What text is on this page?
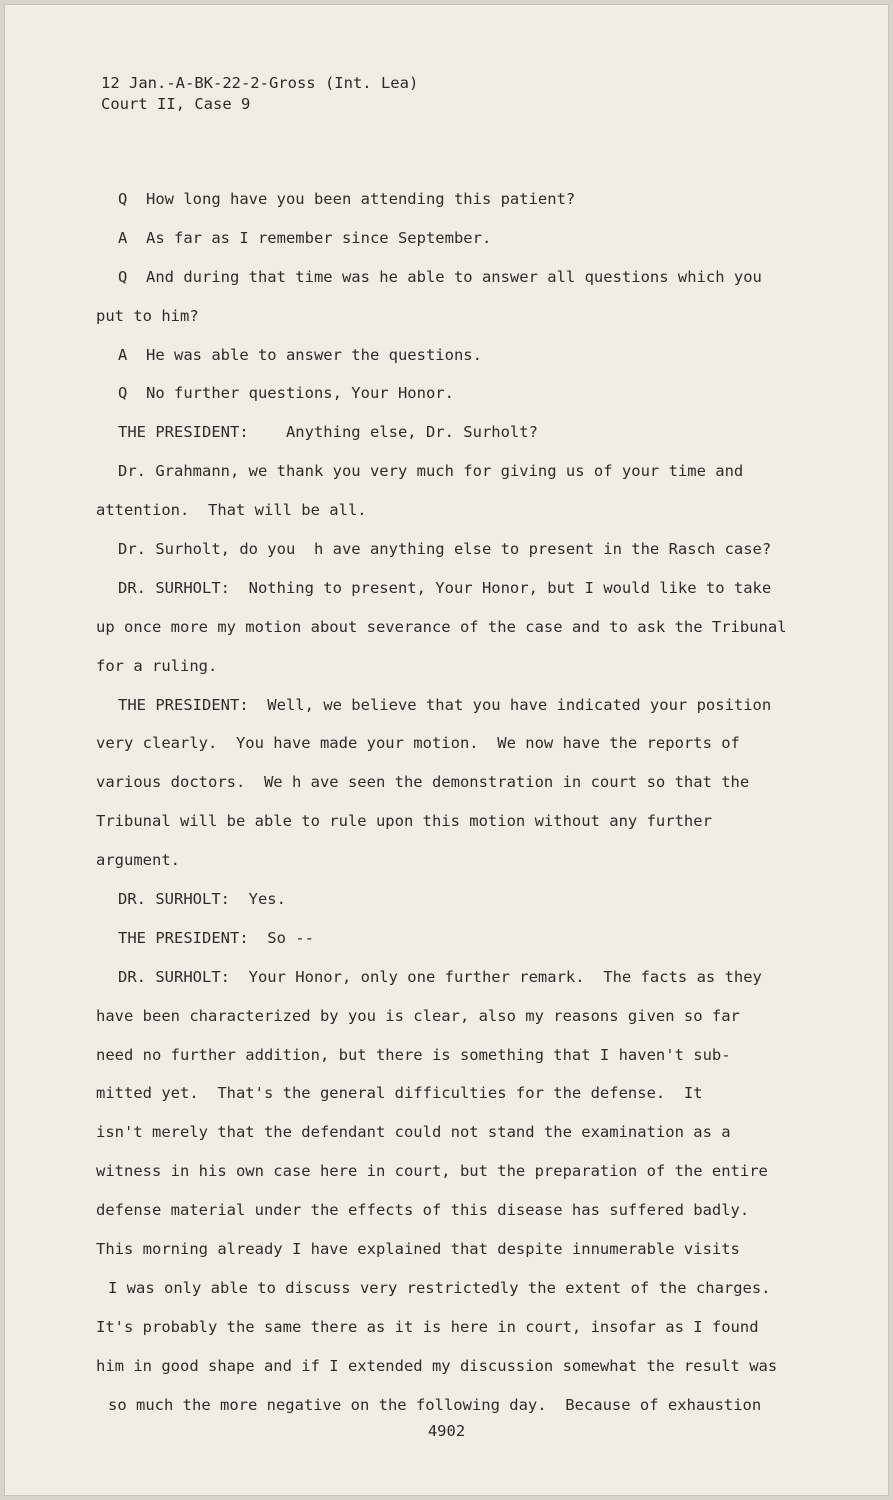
12 Jan.-A-BK-22-2-Gross (Int. Lea)
Court II, Case 9
Q  How long have you been attending this patient?
A  As far as I remember since September.
Q  And during that time was he able to answer all questions which you
put to him?
A  He was able to answer the questions.
Q  No further questions, Your Honor.
THE PRESIDENT:    Anything else, Dr. Surholt?
Dr. Grahmann, we thank you very much for giving us of your time and
attention.  That will be all.
Dr. Surholt, do you  h ave anything else to present in the Rasch case?
DR. SURHOLT:  Nothing to present, Your Honor, but I would like to take
up once more my motion about severance of the case and to ask the Tribunal
for a ruling.
THE PRESIDENT:  Well, we believe that you have indicated your position
very clearly.  You have made your motion.  We now have the reports of
various doctors.  We h ave seen the demonstration in court so that the
Tribunal will be able to rule upon this motion without any further
argument.
DR. SURHOLT:  Yes.
THE PRESIDENT:  So --
DR. SURHOLT:  Your Honor, only one further remark.  The facts as they
have been characterized by you is clear, also my reasons given so far
need no further addition, but there is something that I haven't sub-
mitted yet.  That's the general difficulties for the defense.  It
isn't merely that the defendant could not stand the examination as a
witness in his own case here in court, but the preparation of the entire
defense material under the effects of this disease has suffered badly.
This morning already I have explained that despite innumerable visits
I was only able to discuss very restrictedly the extent of the charges.
It's probably the same there as it is here in court, insofar as I found
him in good shape and if I extended my discussion somewhat the result was
so much the more negative on the following day.  Because of exhaustion
4902
